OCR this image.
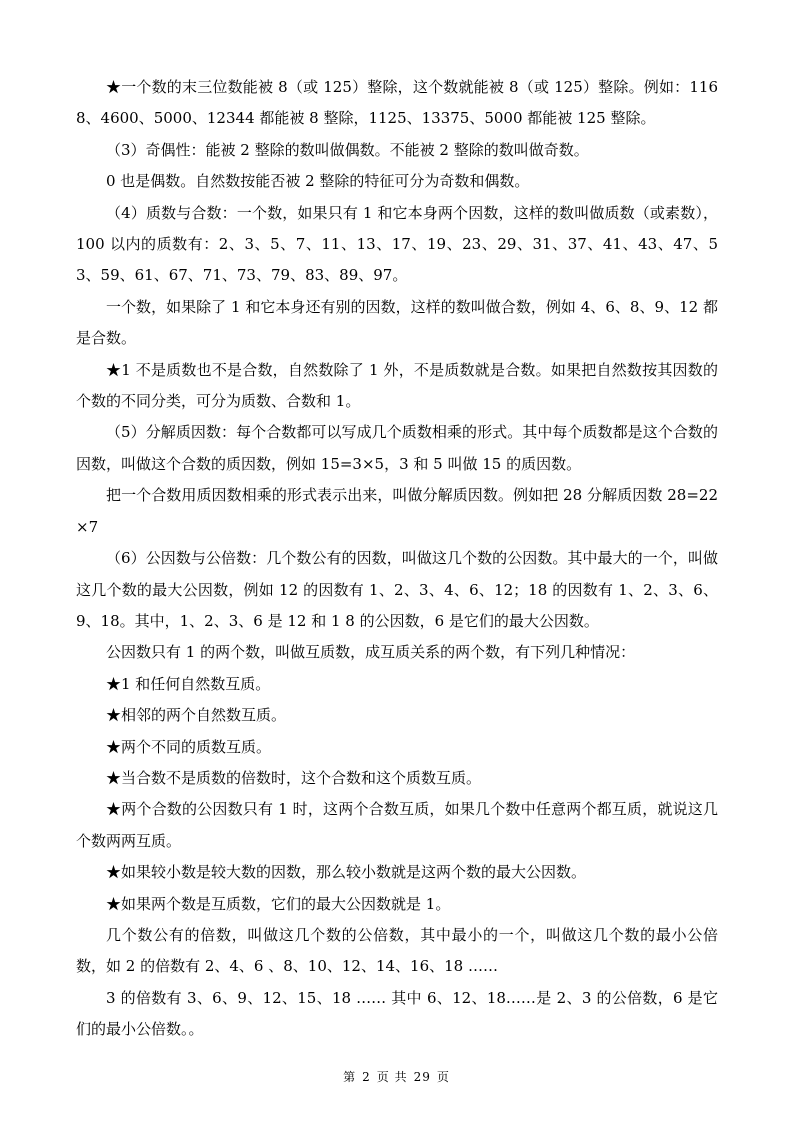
★一个数的末三位数能被 8（或 125）整除，这个数就能被 8（或 125）整除。例如：1168、4600、5000、12344 都能被 8 整除，1125、13375、5000 都能被 125 整除。

（3）奇偶性：能被 2 整除的数叫做偶数。不能被 2 整除的数叫做奇数。

0 也是偶数。自然数按能否被 2 整除的特征可分为奇数和偶数。

（4）质数与合数：一个数，如果只有 1 和它本身两个因数，这样的数叫做质数（或素数），100 以内的质数有：2、3、5、7、11、13、17、19、23、29、31、37、41、43、47、53、59、61、67、71、73、79、83、89、97。

一个数，如果除了 1 和它本身还有别的因数，这样的数叫做合数，例如 4、6、8、9、12 都是合数。

★1 不是质数也不是合数，自然数除了 1 外，不是质数就是合数。如果把自然数按其因数的个数的不同分类，可分为质数、合数和 1。

（5）分解质因数：每个合数都可以写成几个质数相乘的形式。其中每个质数都是这个合数的因数，叫做这个合数的质因数，例如 15=3×5，3 和 5 叫做 15 的质因数。

把一个合数用质因数相乘的形式表示出来，叫做分解质因数。例如把 28 分解质因数 28=22×7

（6）公因数与公倍数：几个数公有的因数，叫做这几个数的公因数。其中最大的一个，叫做这几个数的最大公因数，例如 12 的因数有 1、2、3、4、6、12；18 的因数有 1、2、3、6、9、18。其中，1、2、3、6 是 12 和 1 8 的公因数，6 是它们的最大公因数。

公因数只有 1 的两个数，叫做互质数，成互质关系的两个数，有下列几种情况：

★1 和任何自然数互质。

★相邻的两个自然数互质。

★两个不同的质数互质。

★当合数不是质数的倍数时，这个合数和这个质数互质。

★两个合数的公因数只有 1 时，这两个合数互质，如果几个数中任意两个都互质，就说这几个数两两互质。

★如果较小数是较大数的因数，那么较小数就是这两个数的最大公因数。

★如果两个数是互质数，它们的最大公因数就是 1。

几个数公有的倍数，叫做这几个数的公倍数，其中最小的一个，叫做这几个数的最小公倍数，如 2 的倍数有 2、4、6 、8、10、12、14、16、18 ……

3 的倍数有 3、6、9、12、15、18 …… 其中 6、12、18……是 2、3 的公倍数，6 是它们的最小公倍数。。

第 2 页 共 29 页
